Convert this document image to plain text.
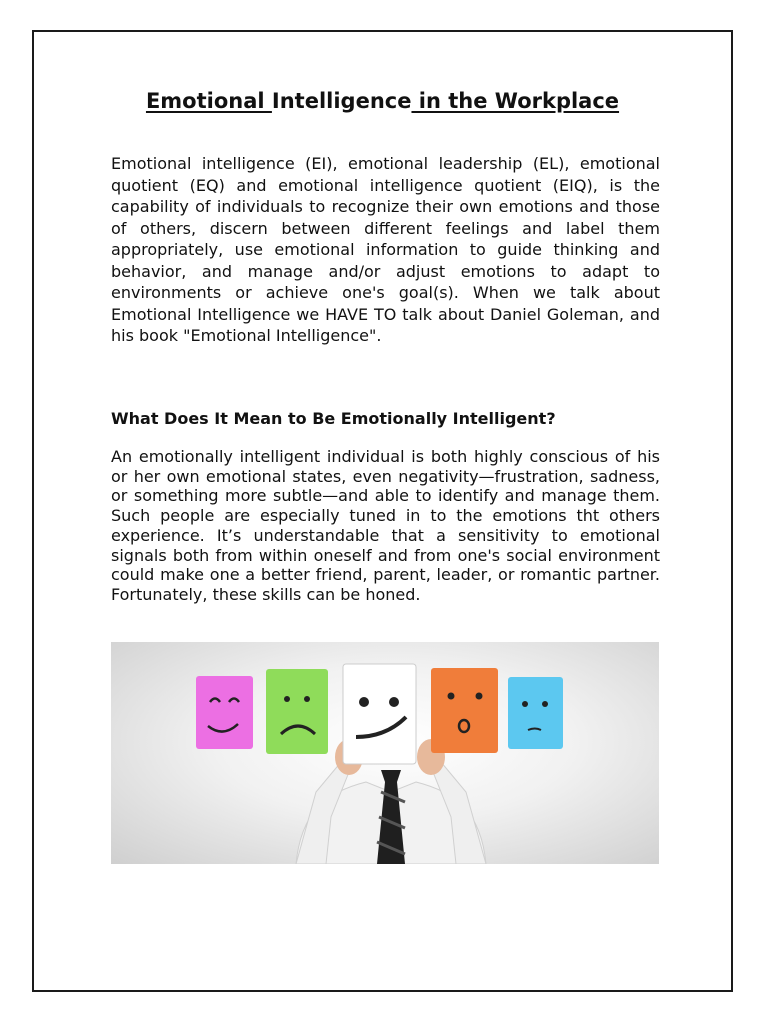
Emotional Intelligence in the Workplace
Emotional intelligence (EI), emotional leadership (EL), emotional quotient (EQ) and emotional intelligence quotient (EIQ), is the capability of individuals to recognize their own emotions and those of others, discern between different feelings and label them appropriately, use emotional information to guide thinking and behavior, and manage and/or adjust emotions to adapt to environments or achieve one's goal(s). When we talk about Emotional Intelligence we HAVE TO talk about Daniel Goleman, and his book "Emotional Intelligence".
What Does It Mean to Be Emotionally Intelligent?
An emotionally intelligent individual is both highly conscious of his or her own emotional states, even negativity—frustration, sadness, or something more subtle—and able to identify and manage them. Such people are especially tuned in to the emotions tht others experience. It’s understandable that a sensitivity to emotional signals both from within oneself and from one's social environment could make one a better friend, parent, leader, or romantic partner. Fortunately, these skills can be honed.
